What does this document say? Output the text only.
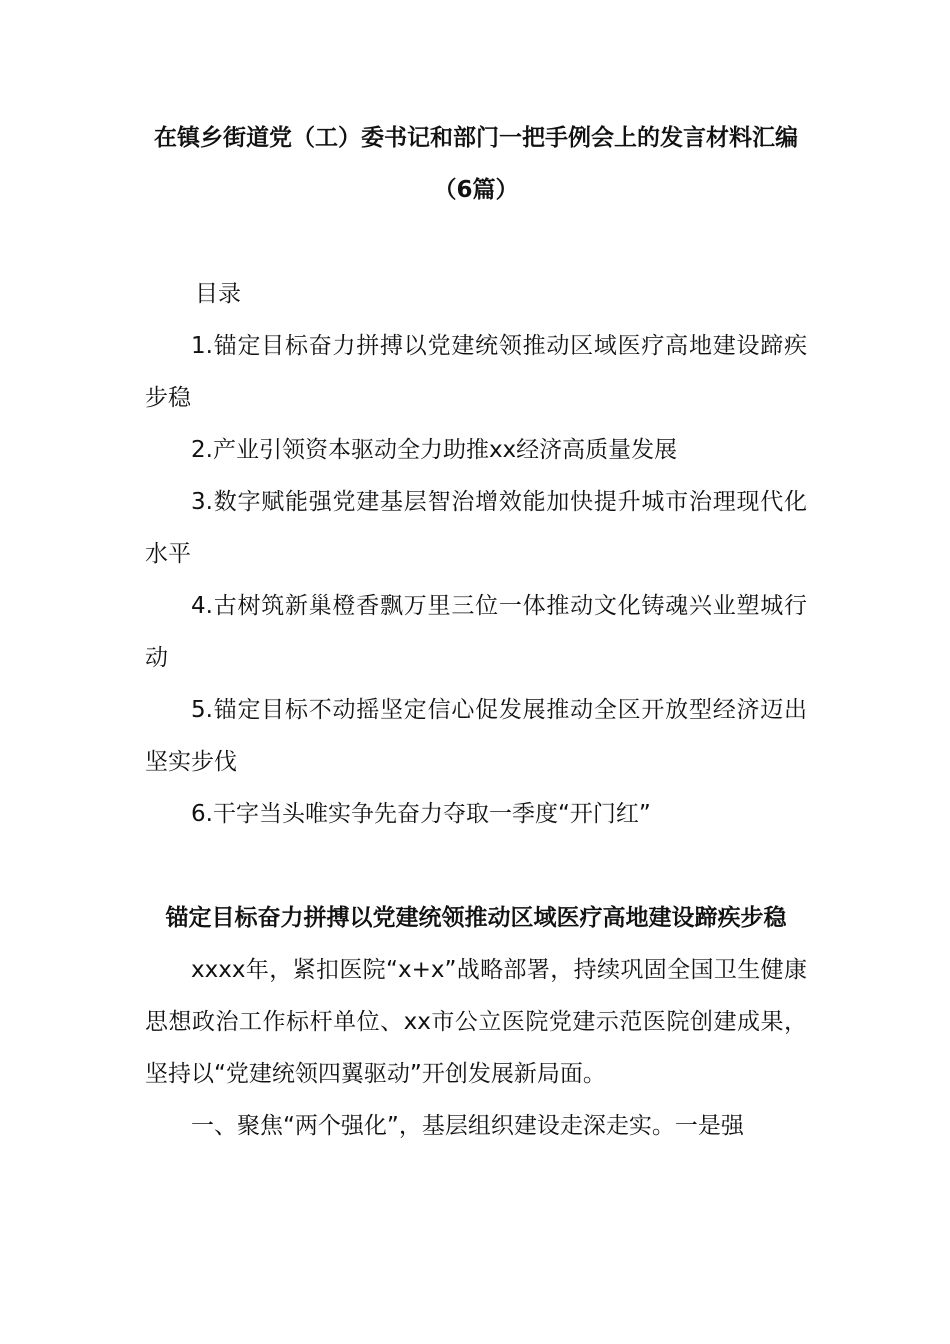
在镇乡街道党（工）委书记和部门一把手例会上的发言材料汇编（6篇）
目录

1.锚定目标奋力拼搏以党建统领推动区域医疗高地建设蹄疾步稳

2.产业引领资本驱动全力助推xx经济高质量发展

3.数字赋能强党建基层智治增效能加快提升城市治理现代化水平

4.古树筑新巢橙香飘万里三位一体推动文化铸魂兴业塑城行动

5.锚定目标不动摇坚定信心促发展推动全区开放型经济迈出坚实步伐

6.干字当头唯实争先奋力夺取一季度“开门红”

锚定目标奋力拼搏以党建统领推动区域医疗高地建设蹄疾步稳

xxxx年，紧扣医院“x+x”战略部署，持续巩固全国卫生健康思想政治工作标杆单位、xx市公立医院党建示范医院创建成果，坚持以“党建统领四翼驱动”开创发展新局面。

一、聚焦“两个强化”，基层组织建设走深走实。一是强
